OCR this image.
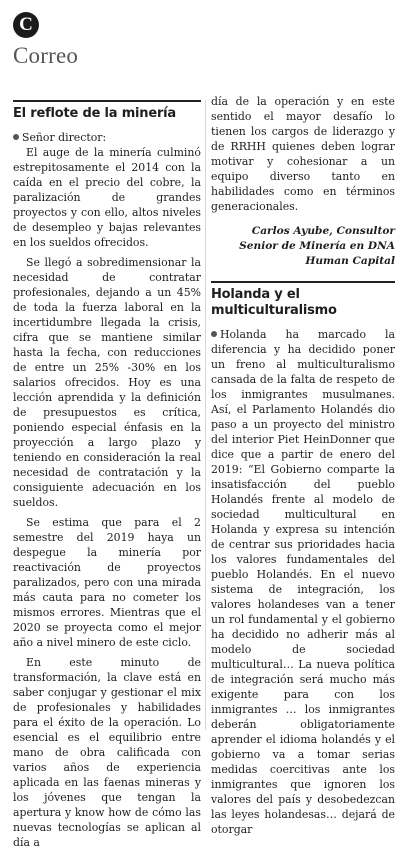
C
Correo
El reflote de la minería

Señor director:

El auge de la minería culminó estrepitosamente el 2014 con la caída en el precio del cobre, la paralización de grandes proyectos y con ello, altos niveles de desempleo y bajas relevantes en los sueldos ofrecidos.

Se llegó a sobredimensionar la necesidad de contratar profesionales, dejando a un 45% de toda la fuerza laboral en la incertidumbre llegada la crisis, cifra que se mantiene similar hasta la fecha, con reducciones de entre un 25% -30% en los salarios ofrecidos. Hoy es una lección aprendida y la definición de presupuestos es crítica, poniendo especial énfasis en la proyección a largo plazo y teniendo en consideración la real necesidad de contratación y la consiguiente adecuación en los sueldos.

Se estima que para el 2 semestre del 2019 haya un despegue la minería por reactivación de proyectos paralizados, pero con una mirada más cauta para no cometer los mismos errores. Mientras que el 2020 se proyecta como el mejor año a nivel minero de este ciclo.

En este minuto de transformación, la clave está en saber conjugar y gestionar el mix de profesionales y habilidades para el éxito de la operación. Lo esencial es el equilibrio entre mano de obra calificada con varios años de experiencia aplicada en las faenas mineras y los jóvenes que tengan la apertura y know how de cómo las nuevas tecnologías se aplican al día a

día de la operación y en este sentido el mayor desafío lo tienen los cargos de liderazgo y de RRHH quienes deben lograr motivar y cohesionar a un equipo diverso tanto en habilidades como en términos generacionales.

Carlos Ayube, Consultor Senior de Minería en DNA Human Capital
Holanda y el multiculturalismo

Holanda ha marcado la diferencia y ha decidido poner un freno al multiculturalismo cansada de la falta de respeto de los inmigrantes musulmanes. Así, el Parlamento Holandés dio paso a un proyecto del ministro del interior Piet HeinDonner que dice que a partir de enero del 2019: “El Gobierno comparte la insatisfacción del pueblo Holandés frente al modelo de sociedad multicultural en Holanda y expresa su intención de centrar sus prioridades hacia los valores fundamentales del pueblo Holandés. En el nuevo sistema de integración, los valores holandeses van a tener un rol fundamental y el gobierno ha decidido no adherir más al modelo de sociedad multicultural… La nueva política de integración será mucho más exigente para con los inmigrantes … los inmigrantes deberán obligatoriamente aprender el idioma holandés y el gobierno va a tomar serias medidas coercitivas ante los inmigrantes que ignoren los valores del país y desobedezcan las leyes holandesas… dejará de otorgar
